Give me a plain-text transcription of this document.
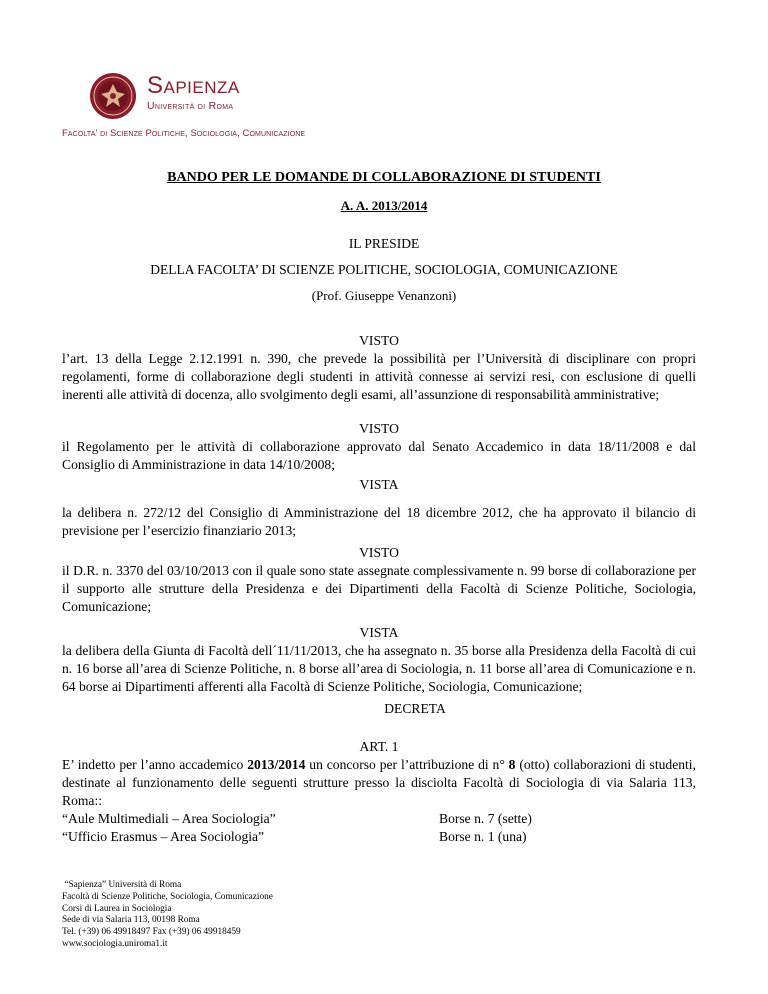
Sapienza
Università di Roma
Facolta’ di Scienze Politiche, Sociologia, Comunicazione
BANDO PER LE DOMANDE DI COLLABORAZIONE DI STUDENTI
A. A. 2013/2014
IL PRESIDE
DELLA FACOLTA’ DI SCIENZE POLITICHE, SOCIOLOGIA, COMUNICAZIONE
(Prof. Giuseppe Venanzoni)
VISTO
l’art. 13 della Legge 2.12.1991 n. 390, che prevede la possibilità per l’Università di disciplinare con propri regolamenti, forme di collaborazione degli studenti in attività connesse ai servizi resi, con esclusione di quelli inerenti alle attività di docenza, allo svolgimento degli esami, all’assunzione di responsabilità amministrative;
VISTO
il Regolamento per le attività di collaborazione approvato dal Senato Accademico in data 18/11/2008 e dal Consiglio di Amministrazione in data 14/10/2008;
VISTA
la delibera n. 272/12 del Consiglio di Amministrazione del 18 dicembre 2012, che ha approvato il bilancio di previsione per l’esercizio finanziario 2013;
VISTO
il D.R. n. 3370 del 03/10/2013 con il quale sono state assegnate complessivamente n. 99 borse di collaborazione per il supporto alle strutture della Presidenza e dei Dipartimenti della Facoltà di Scienze Politiche, Sociologia, Comunicazione;
VISTA
la delibera della Giunta di Facoltà dell´11/11/2013, che ha assegnato n. 35 borse alla Presidenza della Facoltà di cui n. 16 borse all’area di Scienze Politiche, n. 8 borse all’area di Sociologia, n. 11 borse all’area di Comunicazione e n. 64 borse ai Dipartimenti afferenti alla Facoltà di Scienze Politiche, Sociologia, Comunicazione;
DECRETA
ART. 1
E’ indetto per l’anno accademico 2013/2014 un concorso per l’attribuzione di n° 8 (otto) collaborazioni di studenti, destinate al funzionamento delle seguenti strutture presso la disciolta Facoltà di Sociologia di via Salaria 113, Roma::
“Aule Multimediali – Area Sociologia”	Borse n. 7 (sette)
“Ufficio Erasmus – Area Sociologia”	Borse n. 1 (una)
“Sapienza” Università di Roma
Facoltà di Scienze Politiche, Sociologia, Comunicazione
Corsi di Laurea in Sociologia
Sede di via Salaria 113, 00198 Roma
Tel. (+39) 06 49918497 Fax (+39) 06 49918459
www.sociologia.uniroma1.it
